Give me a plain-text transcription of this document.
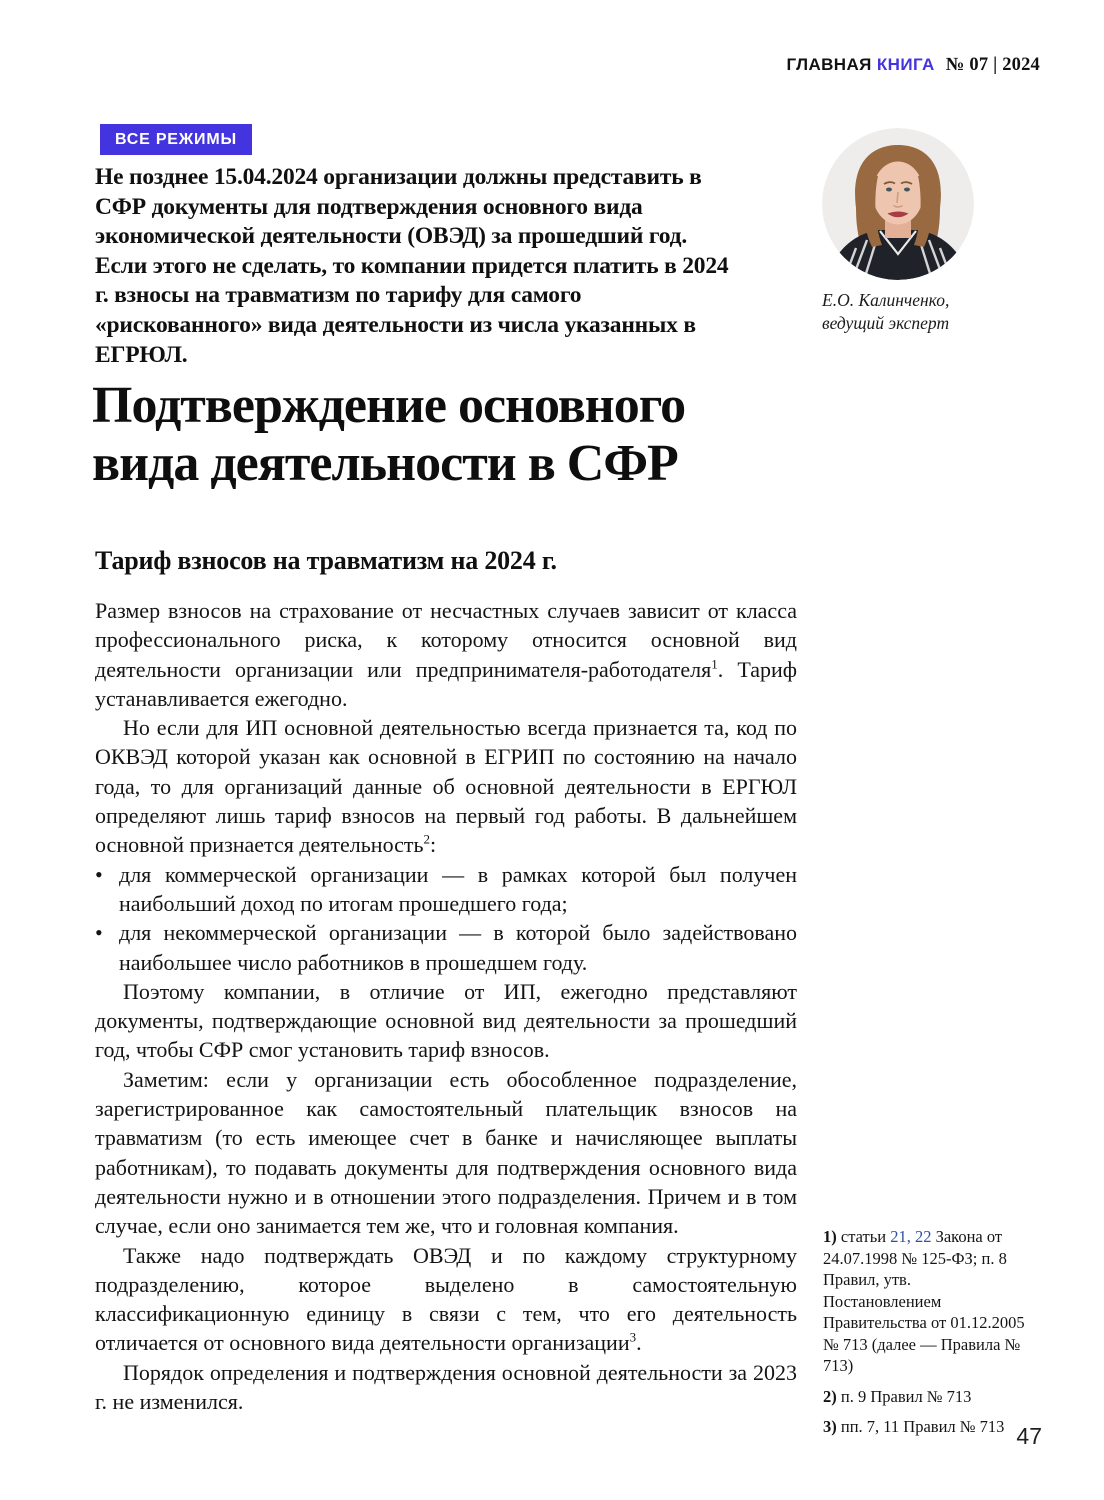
ГЛАВНАЯ КНИГА № 07 | 2024
ВСЕ РЕЖИМЫ
Не позднее 15.04.2024 организации должны представить в СФР документы для подтверждения основного вида экономической деятельности (ОВЭД) за прошедший год. Если этого не сделать, то компании придется платить в 2024 г. взносы на травматизм по тарифу для самого «рискованного» вида деятельности из числа указанных в ЕГРЮЛ.
Е.О. Калинченко,
ведущий эксперт
Подтверждение основного
вида деятельности в СФР
Тариф взносов на травматизм на 2024 г.

Размер взносов на страхование от несчастных случаев зависит от класса профессионального риска, к которому относится основной вид деятельности организации или предпринимателя-работодателя$^1$. Тариф устанавливается ежегодно.

Но если для ИП основной деятельностью всегда признается та, код по ОКВЭД которой указан как основной в ЕГРИП по состоянию на начало года, то для организаций данные об основной деятельности в ЕРГЮЛ определяют лишь тариф взносов на первый год работы. В дальнейшем основной признается деятельность$^2$:

• для коммерческой организации — в рамках которой был получен наибольший доход по итогам прошедшего года;
• для некоммерческой организации — в которой было задействовано наибольшее число работников в прошедшем году.

Поэтому компании, в отличие от ИП, ежегодно представляют документы, подтверждающие основной вид деятельности за прошедший год, чтобы СФР смог установить тариф взносов.

Заметим: если у организации есть обособленное подразделение, зарегистрированное как самостоятельный плательщик взносов на травматизм (то есть имеющее счет в банке и начисляющее выплаты работникам), то подавать документы для подтверждения основного вида деятельности нужно и в отношении этого подразделения. Причем и в том случае, если оно занимается тем же, что и головная компания.

Также надо подтверждать ОВЭД и по каждому структурному подразделению, которое выделено в самостоятельную классификационную единицу в связи с тем, что его деятельность отличается от основного вида деятельности организации$^3$.

Порядок определения и подтверждения основной деятельности за 2023 г. не изменился.

1) статьи 21, 22 Закона от 24.07.1998 № 125-ФЗ; п. 8 Правил, утв. Постановлением Правительства от 01.12.2005 № 713 (далее — Правила № 713)
2) п. 9 Правил № 713
3) пп. 7, 11 Правил № 713 47
